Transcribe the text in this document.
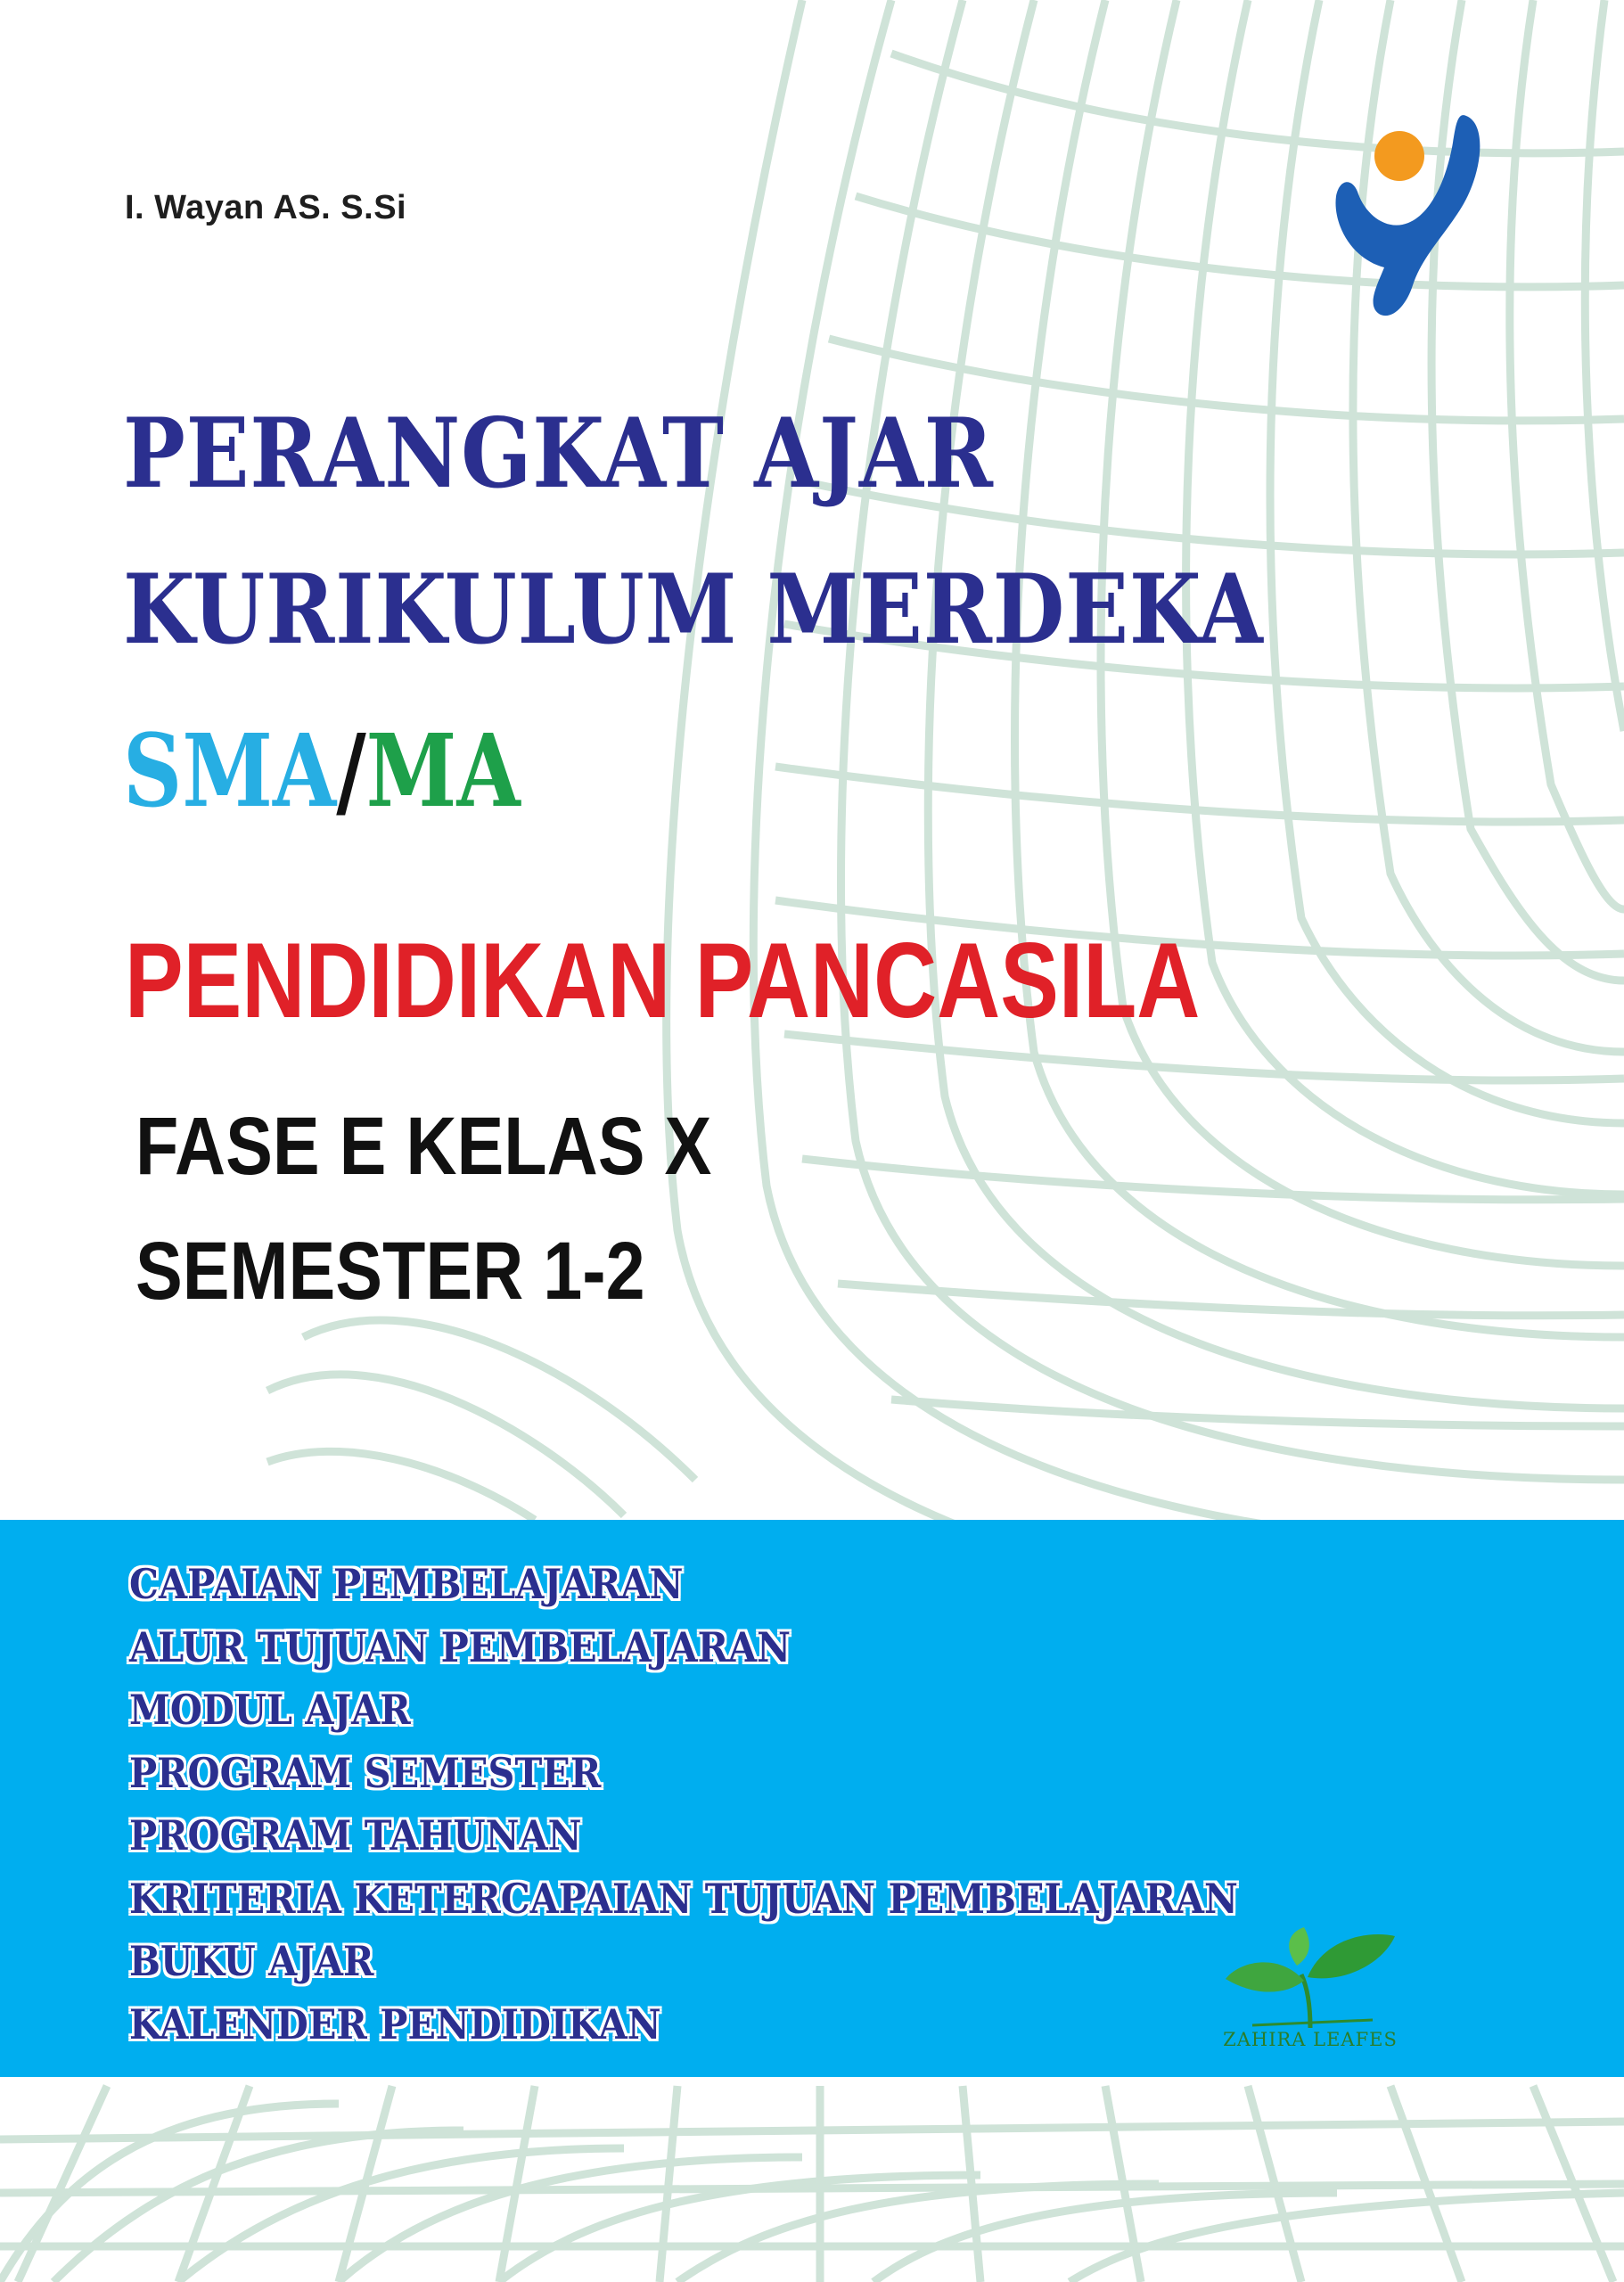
I. Wayan AS. S.Si
PERANGKAT AJAR
KURIKULUM MERDEKA
SMA/MA
PENDIDIKAN PANCASILA
FASE E KELAS X
SEMESTER 1-2
CAPAIAN PEMBELAJARAN
ALUR TUJUAN PEMBELAJARAN
MODUL AJAR
PROGRAM SEMESTER
PROGRAM TAHUNAN
KRITERIA KETERCAPAIAN TUJUAN PEMBELAJARAN
BUKU AJAR
KALENDER PENDIDIKAN	ZAHIRA LEAFES
